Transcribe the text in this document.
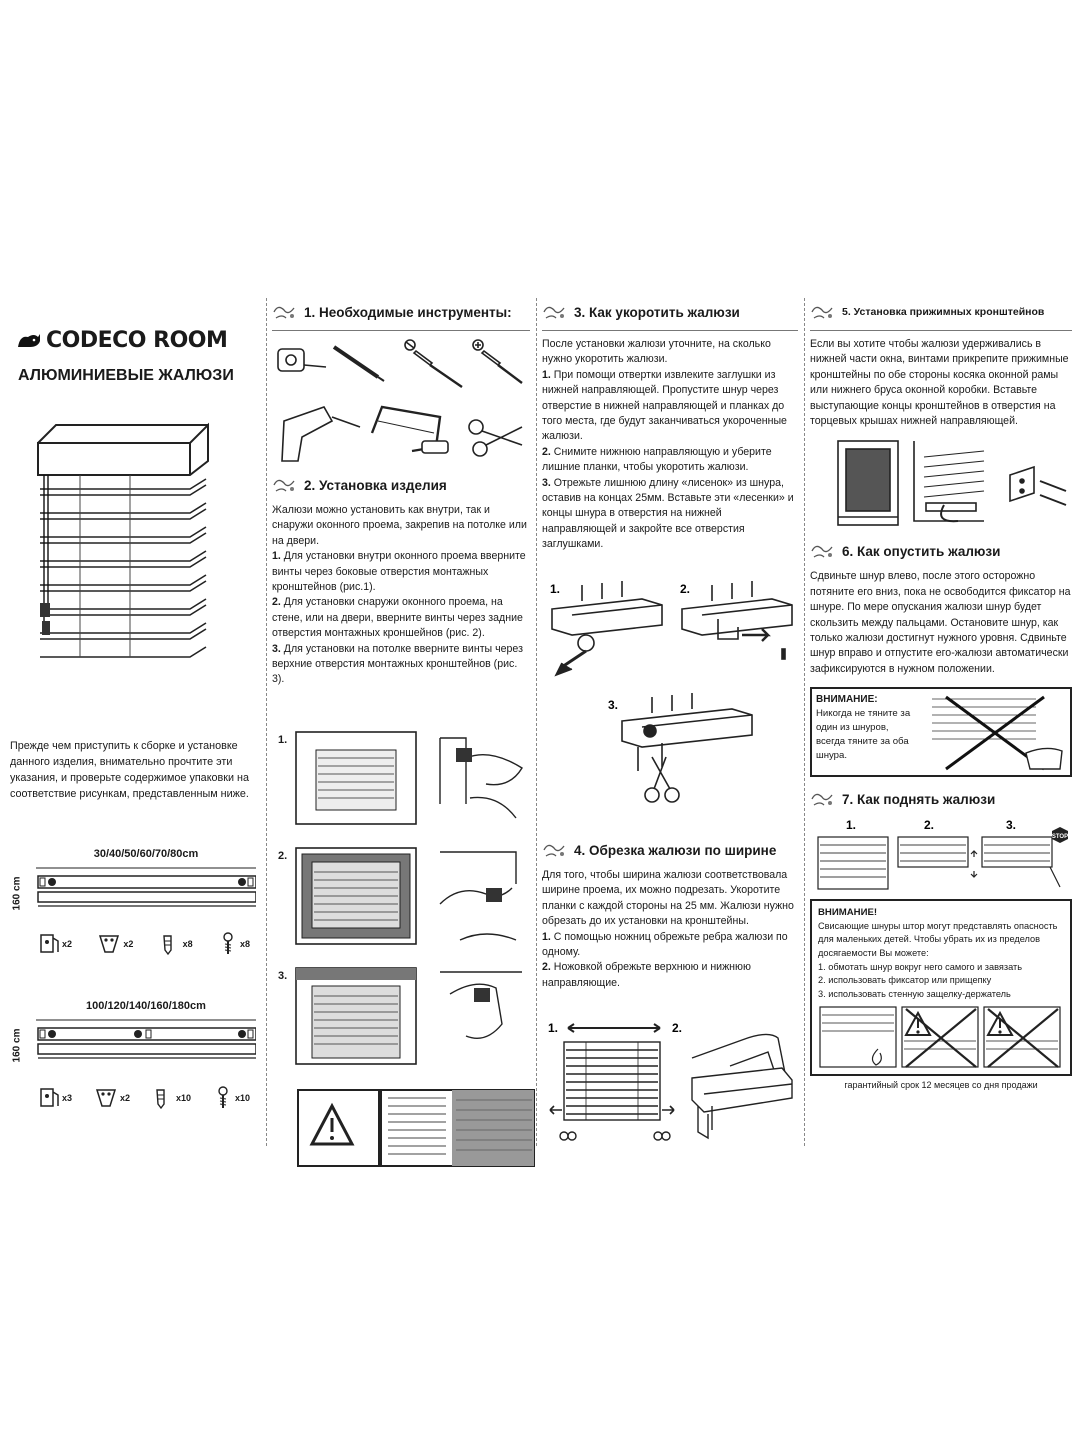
CODECO ROOM
АЛЮМИНИЕВЫЕ ЖАЛЮЗИ
Прежде чем приступить к сборке и установке данного изделия, внимательно прочтите эти указания, и проверьте содержимое упаковки на соответствие рисункам, представленным ниже.
30/40/50/60/70/80cm
160 cm
x2	x2	x8	x8
100/120/140/160/180cm
160 cm
x3	x2	x10	x10
1. Необходимые инструменты:
2. Установка изделия

Жалюзи можно установить как внутри, так и снаружи оконного проема, закрепив на потолке или на двери.

1. Для установки внутри оконного проема вверните винты через боковые отверстия монтажных кронштейнов (рис.1).

2. Для установки снаружи оконного проема, на стене, или на двери, вверните винты через задние отверстия монтажных кроншейнов (рис. 2).

3. Для установки на потолке вверните винты через верхние отверстия монтажных кронштейнов (рис. 3).

1.
2.
3.
3. Как укоротить жалюзи

После установки жалюзи уточните, на сколько нужно укоротить жалюзи.

1. При помощи отвертки извлеките заглушки из нижней направляющей. Пропустите шнур через отверстие в нижней направляющей и планках до того места, где будут заканчиваться укороченные жалюзи.

2. Снимите нижнюю направляющую и уберите лишние планки, чтобы укоротить жалюзи.

3. Отрежьте лишнюю длину «лисенок» из шнура, оставив на концах 25мм. Вставьте эти «лесенки» и концы шнура в отверстия на нижней направляющей и закройте все отверстия заглушками.

1.	2.
3.
4. Обрезка жалюзи по ширине

Для того, чтобы ширина жалюзи соответствовала ширине проема, их можно подрезать. Укоротите планки с каждой стороны на 25 мм. Жалюзи нужно обрезать до их установки на кронштейны.

1. С помощью ножниц обрежьте ребра жалюзи по одному.

2. Ножовкой обрежьте верхнюю и нижнюю направляющие.

1.	2.
5. Установка прижимных кронштейнов
Если вы хотите чтобы жалюзи удерживались в нижней части окна, винтами прикрепите прижимные кронштейны по обе стороны косяка оконной рамы или нижнего бруса оконной коробки. Вставьте выступающие концы кронштейнов в отверстия на торцевых крышах нижней направляющей.
6. Как опустить жалюзи
Сдвиньте шнур влево, после этого осторожно потяните его вниз, пока не освободится фиксатор на шнуре. По мере опускания жалюзи шнур будет скользить между пальцами. Остановите шнур, как только жалюзи достигнут нужного уровня. Сдвиньте шнур вправо и отпустите его-жалюзи автоматически зафиксируются в нужном положении.
ВНИМАНИЕ:
Никогда не тяните за один из шнуров, всегда тяните за оба шнура.
7. Как поднять жалюзи
1.	2.	3.
STOP
ВНИМАНИЕ!
Свисающие шнуры штор могут представлять опасность для маленьких детей. Чтобы убрать их из пределов досягаемости Вы можете:
1. обмотать шнур вокруг него самого и завязать
2. использовать фиксатор или прищепку
3. использовать стенную защелку-держатель
гарантийный срок 12 месяцев со дня продажи
